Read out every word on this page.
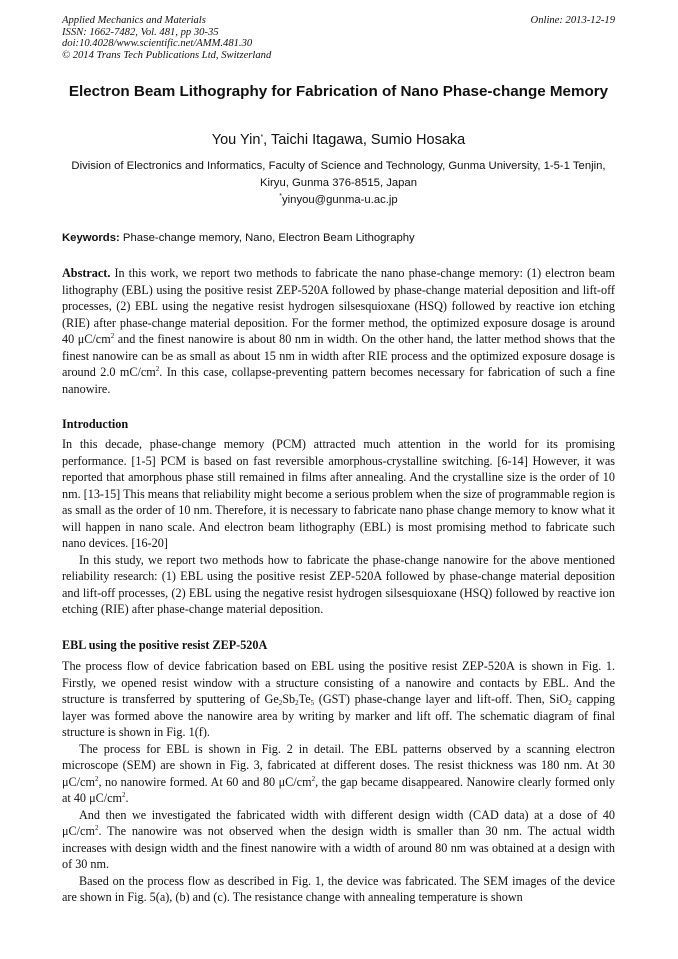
Applied Mechanics and Materials
ISSN: 1662-7482, Vol. 481, pp 30-35
doi:10.4028/www.scientific.net/AMM.481.30
© 2014 Trans Tech Publications Ltd, Switzerland
Online: 2013-12-19
Electron Beam Lithography for Fabrication of Nano Phase-change Memory
You Yin*, Taichi Itagawa, Sumio Hosaka
Division of Electronics and Informatics, Faculty of Science and Technology, Gunma University, 1-5-1 Tenjin, Kiryu, Gunma 376-8515, Japan
*yinyou@gunma-u.ac.jp
Keywords: Phase-change memory, Nano, Electron Beam Lithography

Abstract. In this work, we report two methods to fabricate the nano phase-change memory: (1) electron beam lithography (EBL) using the positive resist ZEP-520A followed by phase-change material deposition and lift-off processes, (2) EBL using the negative resist hydrogen silsesquioxane (HSQ) followed by reactive ion etching (RIE) after phase-change material deposition. For the former method, the optimized exposure dosage is around 40 $\mu C/cm^2$ and the finest nanowire is about 80 nm in width. On the other hand, the latter method shows that the finest nanowire can be as small as about 15 nm in width after RIE process and the optimized exposure dosage is around 2.0 $mC/cm^2$. In this case, collapse-preventing pattern becomes necessary for fabrication of such a fine nanowire.

Introduction

In this decade, phase-change memory (PCM) attracted much attention in the world for its promising performance. [1-5] PCM is based on fast reversible amorphous-crystalline switching. [6-14] However, it was reported that amorphous phase still remained in films after annealing. And the crystalline size is the order of 10 nm. [13-15] This means that reliability might become a serious problem when the size of programmable region is as small as the order of 10 nm. Therefore, it is necessary to fabricate nano phase change memory to know what it will happen in nano scale. And electron beam lithography (EBL) is most promising method to fabricate such nano devices. [16-20]

In this study, we report two methods how to fabricate the phase-change nanowire for the above mentioned reliability research: (1) EBL using the positive resist ZEP-520A followed by phase-change material deposition and lift-off processes, (2) EBL using the negative resist hydrogen silsesquioxane (HSQ) followed by reactive ion etching (RIE) after phase-change material deposition.

EBL using the positive resist ZEP-520A

The process flow of device fabrication based on EBL using the positive resist ZEP-520A is shown in Fig. 1. Firstly, we opened resist window with a structure consisting of a nanowire and contacts by EBL. And the structure is transferred by sputtering of $Ge_2Sb_2Te_5$ (GST) phase-change layer and lift-off. Then, SiO$_2$ capping layer was formed above the nanowire area by writing by marker and lift off. The schematic diagram of final structure is shown in Fig. 1(f).

The process for EBL is shown in Fig. 2 in detail. The EBL patterns observed by a scanning electron microscope (SEM) are shown in Fig. 3, fabricated at different doses. The resist thickness was 180 nm. At 30 $\mu C/cm^2$, no nanowire formed. At 60 and 80 $\mu C/cm^2$, the gap became disappeared. Nanowire clearly formed only at 40 $\mu C/cm^2$.

And then we investigated the fabricated width with different design width (CAD data) at a dose of 40 $\mu C/cm^2$. The nanowire was not observed when the design width is smaller than 30 nm. The actual width increases with design width and the finest nanowire with a width of around 80 nm was obtained at a design with of 30 nm.

Based on the process flow as described in Fig. 1, the device was fabricated. The SEM images of the device are shown in Fig. 5(a), (b) and (c). The resistance change with annealing temperature is shown
